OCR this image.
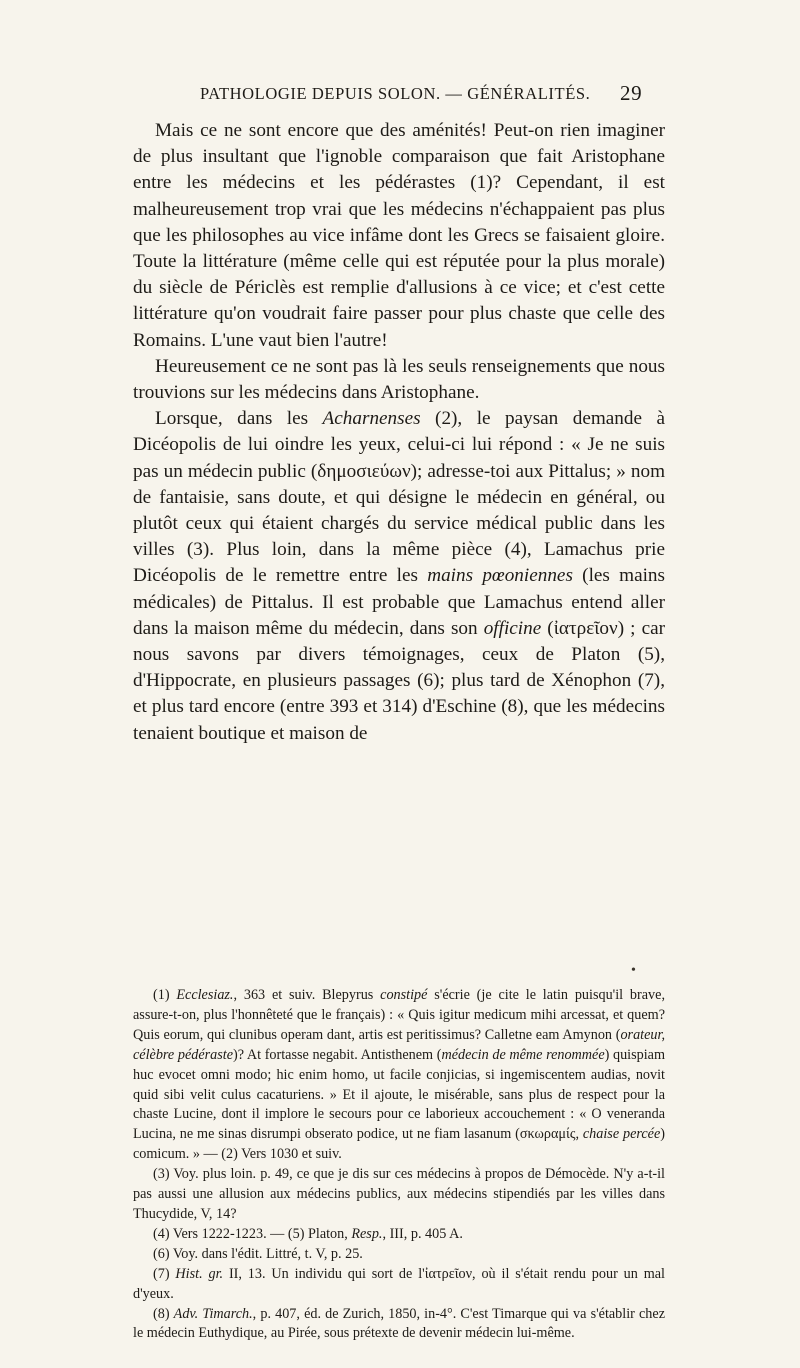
PATHOLOGIE DEPUIS SOLON. — GÉNÉRALITÉS. 29

Mais ce ne sont encore que des aménités! Peut-on rien imaginer de plus insultant que l'ignoble comparaison que fait Aristophane entre les médecins et les pédérastes (1)? Cependant, il est malheureusement trop vrai que les médecins n'échappaient pas plus que les philosophes au vice infâme dont les Grecs se faisaient gloire. Toute la littérature (même celle qui est réputée pour la plus morale) du siècle de Périclès est remplie d'allusions à ce vice; et c'est cette littérature qu'on voudrait faire passer pour plus chaste que celle des Romains. L'une vaut bien l'autre!

Heureusement ce ne sont pas là les seuls renseignements que nous trouvions sur les médecins dans Aristophane.

Lorsque, dans les Acharnenses (2), le paysan demande à Dicéopolis de lui oindre les yeux, celui-ci lui répond : « Je ne suis pas un médecin public (δημοσιεύων); adresse-toi aux Pittalus; » nom de fantaisie, sans doute, et qui désigne le médecin en général, ou plutôt ceux qui étaient chargés du service médical public dans les villes (3). Plus loin, dans la même pièce (4), Lamachus prie Dicéopolis de le remettre entre les mains pœoniennes (les mains médicales) de Pittalus. Il est probable que Lamachus entend aller dans la maison même du médecin, dans son officine (ἰατρεῖον) ; car nous savons par divers témoignages, ceux de Platon (5), d'Hippocrate, en plusieurs passages (6); plus tard de Xénophon (7), et plus tard encore (entre 393 et 314) d'Eschine (8), que les médecins tenaient boutique et maison de

•

(1) Ecclesiaz., 363 et suiv. Blepyrus constipé s'écrie (je cite le latin puisqu'il brave, assure-t-on, plus l'honnêteté que le français) : « Quis igitur medicum mihi arcessat, et quem? Quis eorum, qui clunibus operam dant, artis est peritissimus? Calletne eam Amynon (orateur, célèbre pédéraste)? At fortasse negabit. Antisthenem (médecin de même renommée) quispiam huc evocet omni modo; hic enim homo, ut facile conjicias, si ingemiscentem audias, novit quid sibi velit culus cacaturiens. » Et il ajoute, le misérable, sans plus de respect pour la chaste Lucine, dont il implore le secours pour ce laborieux accouchement : « O veneranda Lucina, ne me sinas disrumpi obserato podice, ut ne fiam lasanum (σκωραμίς, chaise percée) comicum. » — (2) Vers 1030 et suiv.

(3) Voy. plus loin. p. 49, ce que je dis sur ces médecins à propos de Démocède. N'y a-t-il pas aussi une allusion aux médecins publics, aux médecins stipendiés par les villes dans Thucydide, V, 14?

(4) Vers 1222-1223. — (5) Platon, Resp., III, p. 405 A.

(6) Voy. dans l'édit. Littré, t. V, p. 25.

(7) Hist. gr. II, 13. Un individu qui sort de l'ἰατρεῖον, où il s'était rendu pour un mal d'yeux.

(8) Adv. Timarch., p. 407, éd. de Zurich, 1850, in-4°. C'est Timarque qui va s'établir chez le médecin Euthydique, au Pirée, sous prétexte de devenir médecin lui-même.
